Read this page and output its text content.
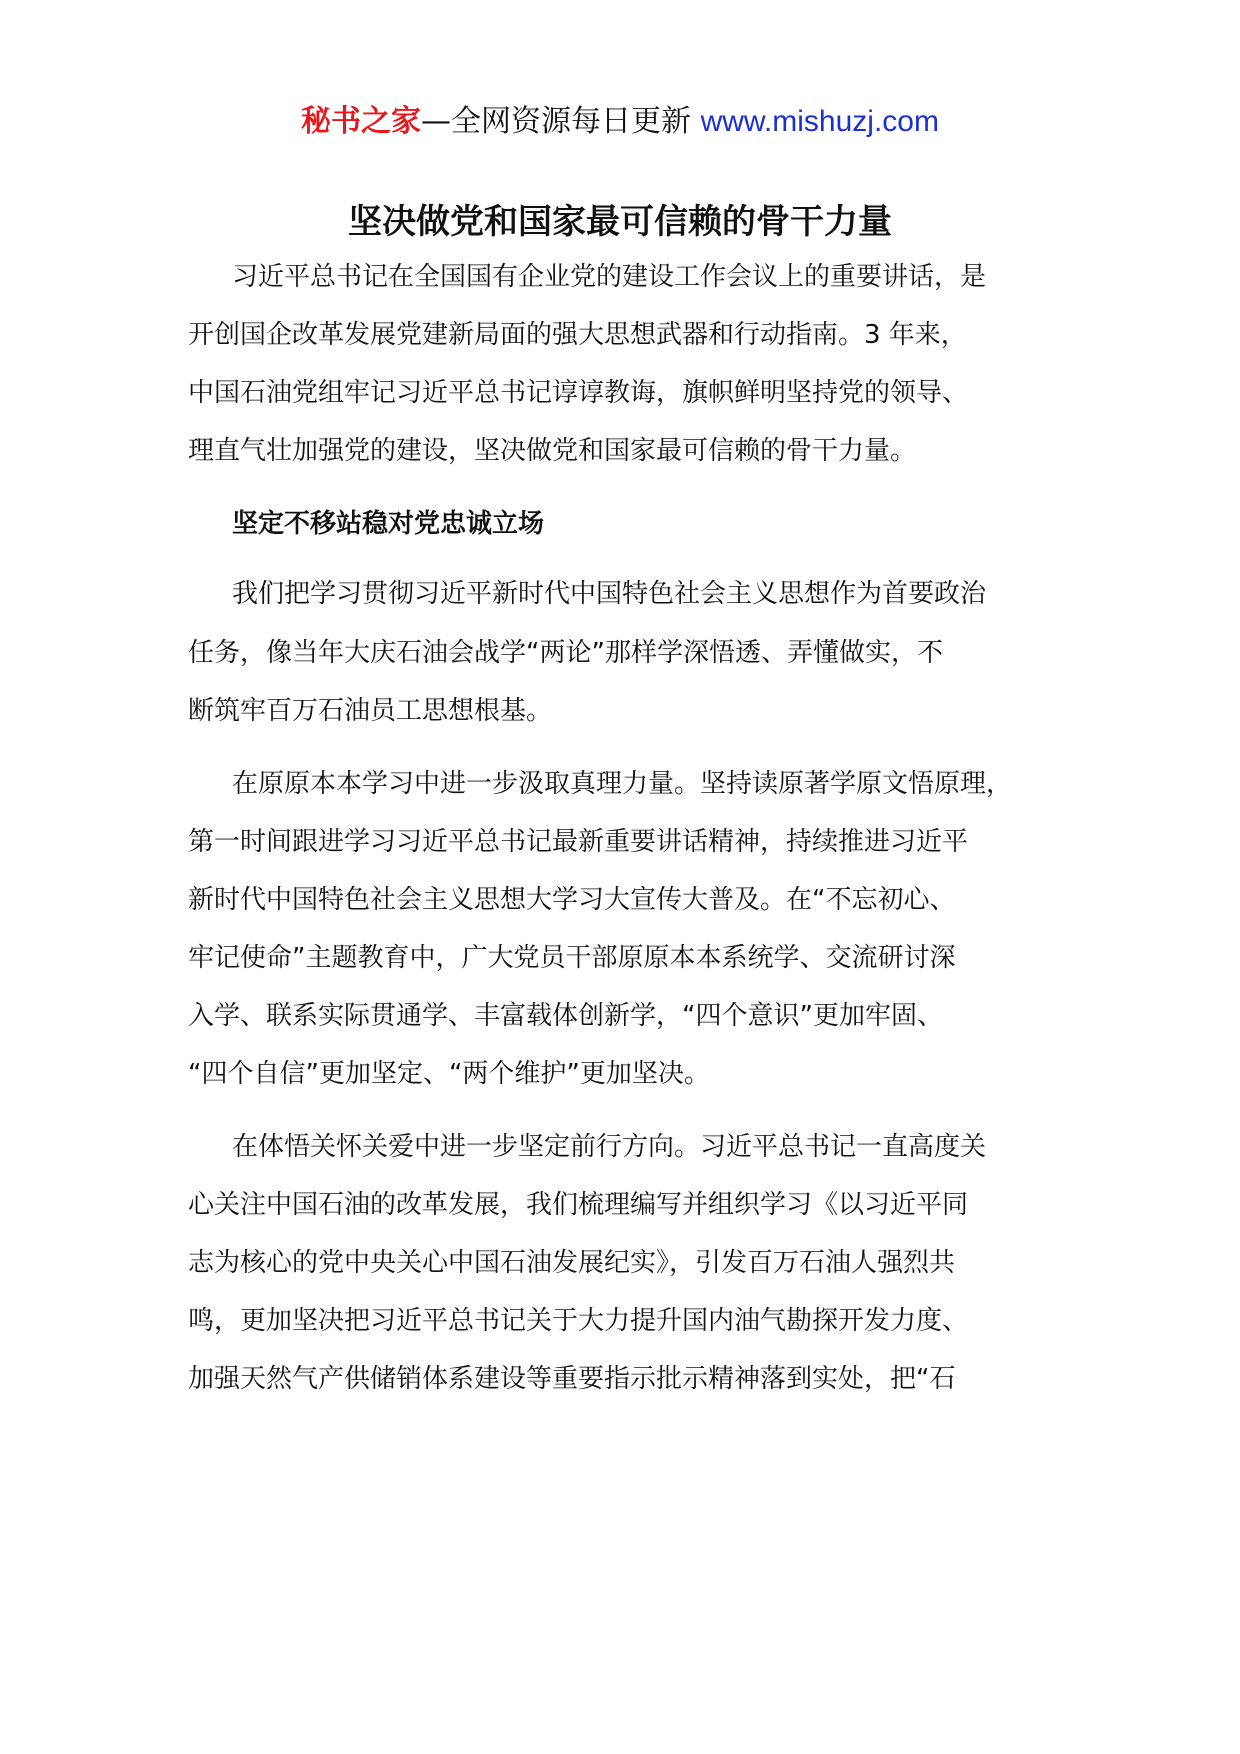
秘书之家—全网资源每日更新 www.mishuzj.com
坚决做党和国家最可信赖的骨干力量
习近平总书记在全国国有企业党的建设工作会议上的重要讲话，是
开创国企改革发展党建新局面的强大思想武器和行动指南。3 年来，
中国石油党组牢记习近平总书记谆谆教诲，旗帜鲜明坚持党的领导、
理直气壮加强党的建设，坚决做党和国家最可信赖的骨干力量。
坚定不移站稳对党忠诚立场
我们把学习贯彻习近平新时代中国特色社会主义思想作为首要政治
任务，像当年大庆石油会战学“两论”那样学深悟透、弄懂做实，不
断筑牢百万石油员工思想根基。
在原原本本学习中进一步汲取真理力量。坚持读原著学原文悟原理，
第一时间跟进学习习近平总书记最新重要讲话精神，持续推进习近平
新时代中国特色社会主义思想大学习大宣传大普及。在“不忘初心、
牢记使命”主题教育中，广大党员干部原原本本系统学、交流研讨深
入学、联系实际贯通学、丰富载体创新学，“四个意识”更加牢固、
“四个自信”更加坚定、“两个维护”更加坚决。
在体悟关怀关爱中进一步坚定前行方向。习近平总书记一直高度关
心关注中国石油的改革发展，我们梳理编写并组织学习《以习近平同
志为核心的党中央关心中国石油发展纪实》，引发百万石油人强烈共
鸣，更加坚决把习近平总书记关于大力提升国内油气勘探开发力度、
加强天然气产供储销体系建设等重要指示批示精神落到实处，把“石
